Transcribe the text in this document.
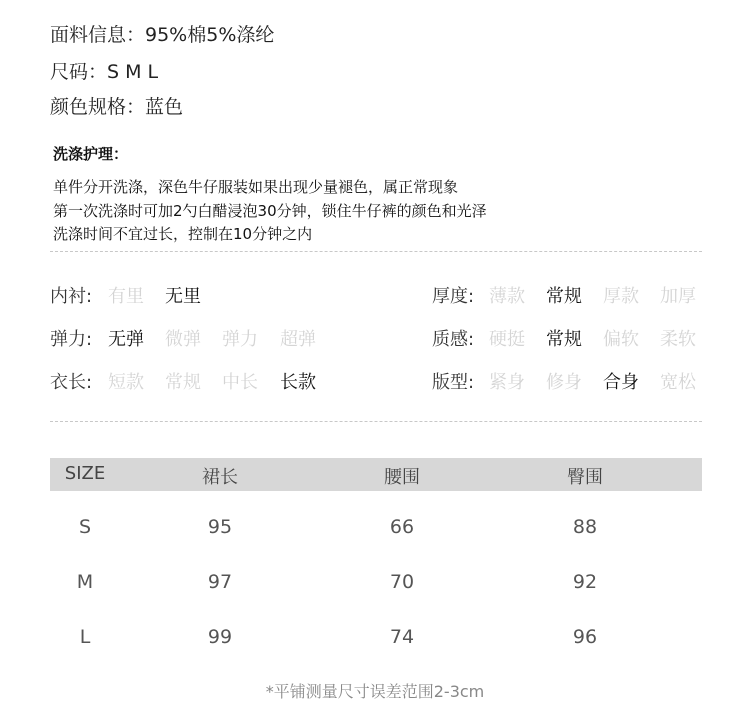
面料信息：95%棉5%涤纶
尺码：S M L
颜色规格：蓝色
洗涤护理：
单件分开洗涤，深色牛仔服装如果出现少量褪色，属正常现象
第一次洗涤时可加2勺白醋浸泡30分钟，锁住牛仔裤的颜色和光泽
洗涤时间不宜过长，控制在10分钟之内
内衬: 有里 无里	厚度: 薄款 常规 厚款 加厚
弹力: 无弹 微弹 弹力 超弹	质感: 硬挺 常规 偏软 柔软
衣长: 短款 常规 中长 长款	版型: 紧身 修身 合身 宽松
SIZE	裙长	腰围	臀围
S	95	66	88
M	97	70	92
L	99	74	96
*平铺测量尺寸误差范围2-3cm
